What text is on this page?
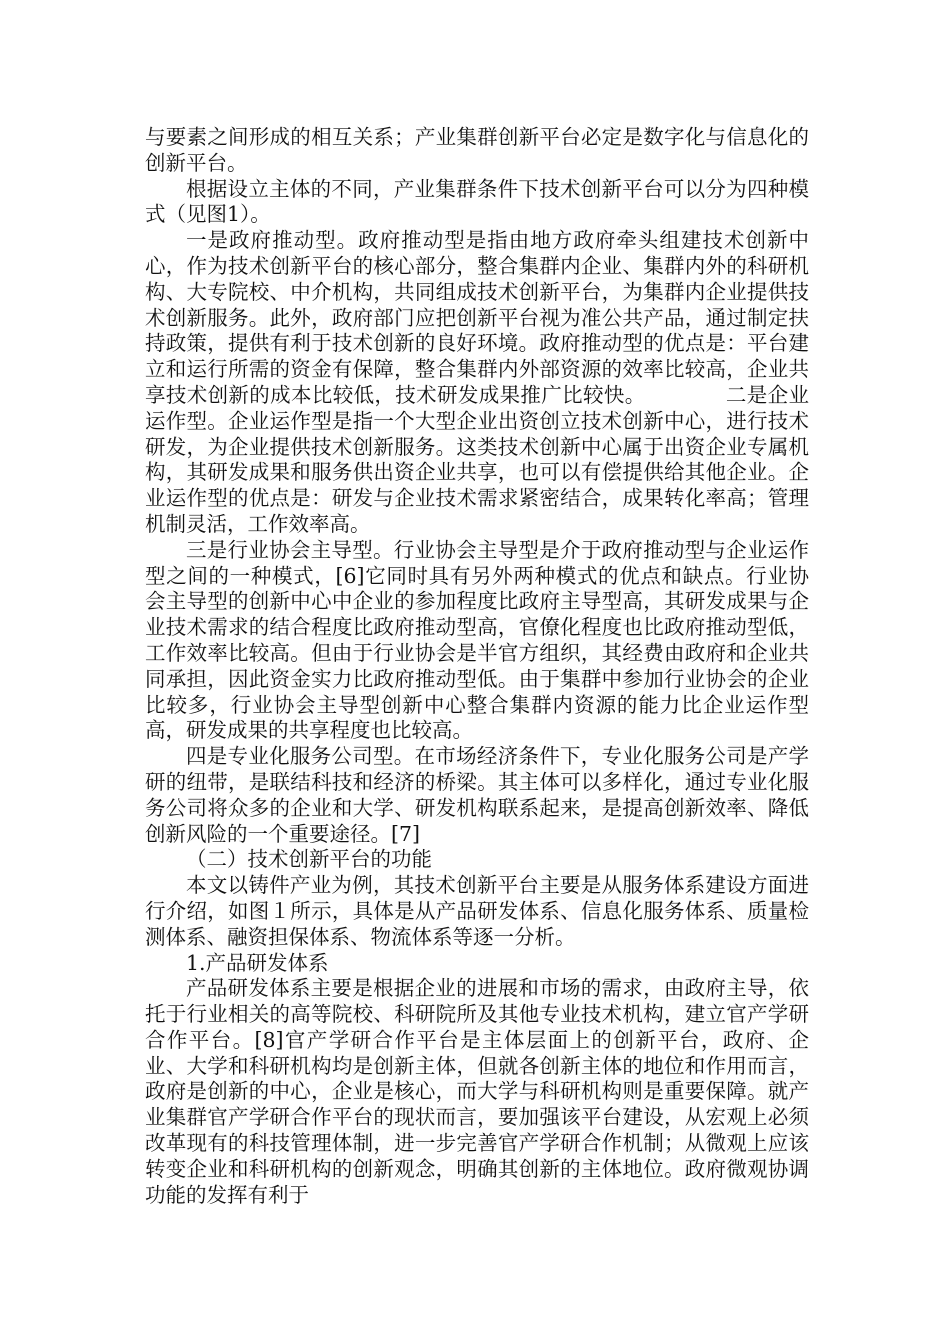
与要素之间形成的相互关系；产业集群创新平台必定是数字化与信息化的创新平台。

根据设立主体的不同，产业集群条件下技术创新平台可以分为四种模式（见图1）。

一是政府推动型。政府推动型是指由地方政府牵头组建技术创新中心，作为技术创新平台的核心部分，整合集群内企业、集群内外的科研机构、大专院校、中介机构，共同组成技术创新平台，为集群内企业提供技术创新服务。此外，政府部门应把创新平台视为准公共产品，通过制定扶持政策，提供有利于技术创新的良好环境。政府推动型的优点是：平台建立和运行所需的资金有保障，整合集群内外部资源的效率比较高，企业共享技术创新的成本比较低，技术研发成果推广比较快。	二是企业运作型。企业运作型是指一个大型企业出资创立技术创新中心，进行技术研发，为企业提供技术创新服务。这类技术创新中心属于出资企业专属机构，其研发成果和服务供出资企业共享，也可以有偿提供给其他企业。企业运作型的优点是：研发与企业技术需求紧密结合，成果转化率高；管理机制灵活，工作效率高。

三是行业协会主导型。行业协会主导型是介于政府推动型与企业运作型之间的一种模式，[6]它同时具有另外两种模式的优点和缺点。行业协会主导型的创新中心中企业的参加程度比政府主导型高，其研发成果与企业技术需求的结合程度比政府推动型高，官僚化程度也比政府推动型低，工作效率比较高。但由于行业协会是半官方组织，其经费由政府和企业共同承担，因此资金实力比政府推动型低。由于集群中参加行业协会的企业比较多，行业协会主导型创新中心整合集群内资源的能力比企业运作型高，研发成果的共享程度也比较高。

四是专业化服务公司型。在市场经济条件下，专业化服务公司是产学研的纽带，是联结科技和经济的桥梁。其主体可以多样化，通过专业化服务公司将众多的企业和大学、研发机构联系起来，是提高创新效率、降低创新风险的一个重要途径。[7]

（二）技术创新平台的功能

本文以铸件产业为例，其技术创新平台主要是从服务体系建设方面进行介绍，如图１所示，具体是从产品研发体系、信息化服务体系、质量检测体系、融资担保体系、物流体系等逐一分析。

1.产品研发体系

产品研发体系主要是根据企业的进展和市场的需求，由政府主导，依托于行业相关的高等院校、科研院所及其他专业技术机构，建立官产学研合作平台。[8]官产学研合作平台是主体层面上的创新平台，政府、企业、大学和科研机构均是创新主体，但就各创新主体的地位和作用而言，政府是创新的中心，企业是核心，而大学与科研机构则是重要保障。就产业集群官产学研合作平台的现状而言，要加强该平台建设，从宏观上必须改革现有的科技管理体制，进一步完善官产学研合作机制；从微观上应该转变企业和科研机构的创新观念，明确其创新的主体地位。政府微观协调功能的发挥有利于
